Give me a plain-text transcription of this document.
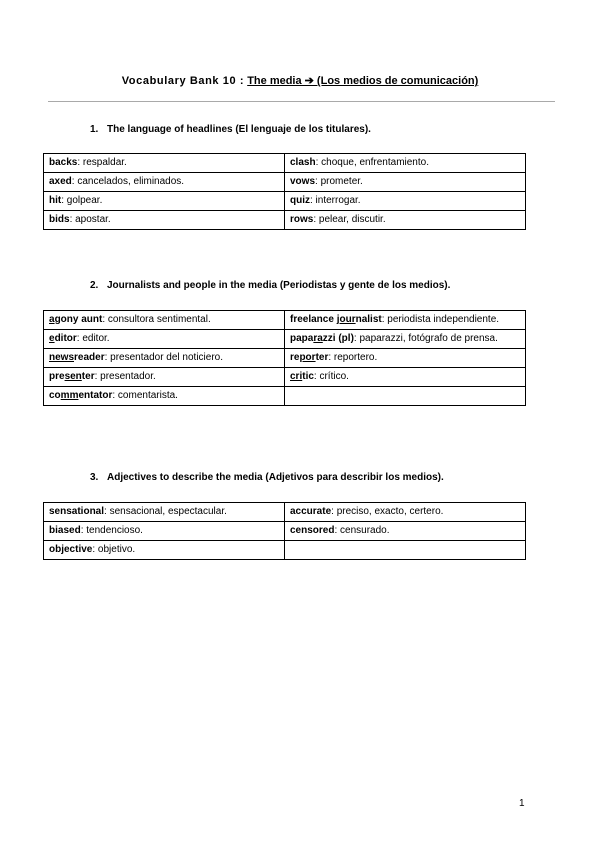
Vocabulary Bank 10 : The media ➔ (Los medios de comunicación)
1. The language of headlines (El lenguaje de los titulares).
backs: respaldar.	clash: choque, enfrentamiento.
axed: cancelados, eliminados.	vows: prometer.
hit: golpear.	quiz: interrogar.
bids: apostar.	rows: pelear, discutir.
2. Journalists and people in the media (Periodistas y gente de los medios).
agony aunt: consultora sentimental.	freelance journalist: periodista independiente.
editor: editor.	paparazzi (pl): paparazzi, fotógrafo de prensa.
newsreader: presentador del noticiero.	reporter: reportero.
presenter: presentador.	critic: crítico.
commentator: comentarista.	
3. Adjectives to describe the media (Adjetivos para describir los medios).
sensational: sensacional, espectacular.	accurate: preciso, exacto, certero.
biased: tendencioso.	censored: censurado.
objective: objetivo.	
1
